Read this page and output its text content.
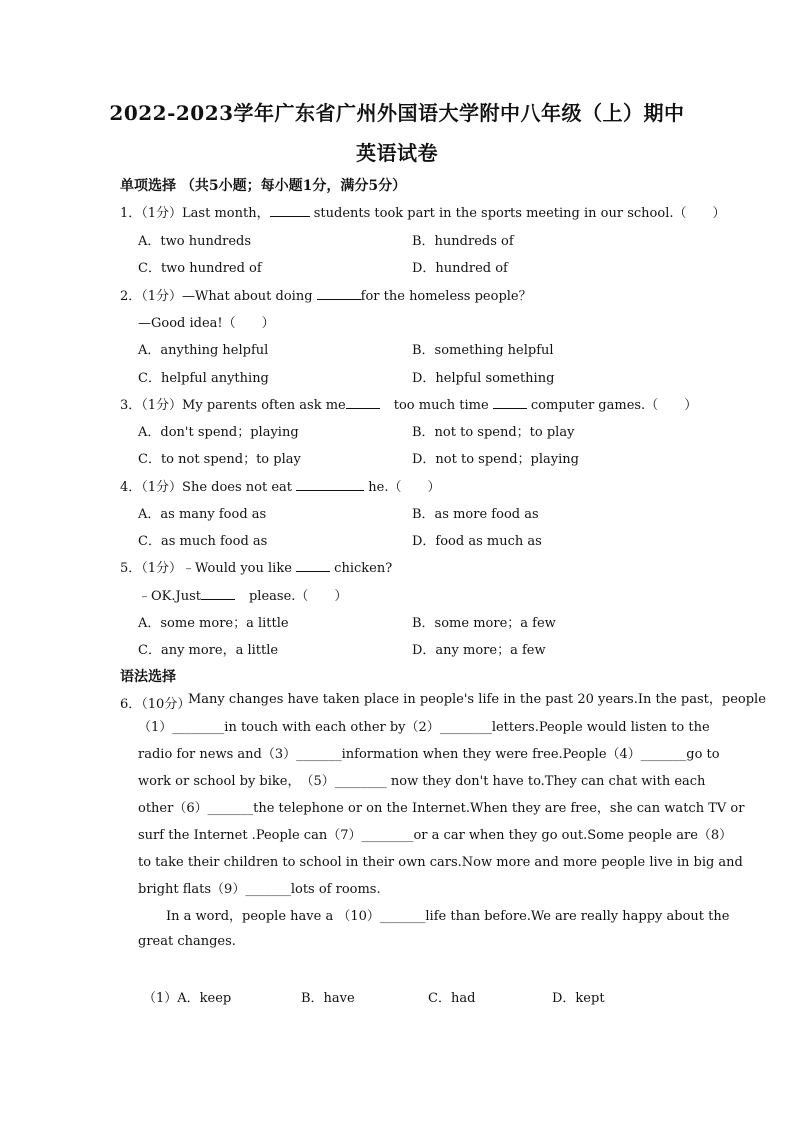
2022-2023学年广东省广州外国语大学附中八年级（上）期中
英语试卷
单项选择 （共5小题；每小题1分，满分5分）
1．（1分）Last month，	students took part in the sports meeting in our school.（　　）
A．two hundreds	B．hundreds of
C．two hundred of	D．hundred of
2．（1分）—What about doing	for the homeless people？
—Good idea!（　　）
A．anything helpful	B．something helpful
C．helpful anything	D．helpful something
3．（1分）My parents often ask me	too much time	computer games.（　　）
A．don't spend；playing	B．not to spend；to play
C．to not spend；to play	D．not to spend；playing
4．（1分）She does not eat	he.（　　）
A．as many food as	B．as more food as
C．as much food as	D．food as much as
5．（1分）﹣Would you like	chicken?
﹣OK.Just	please.（　　）
A．some more；a little	B．some more；a few
C．any more，a little	D．any more；a few
语法选择
6．（10分）
Many changes have taken place in people's life in the past 20 years.In the past，people
（1） ________in touch with each other by（2） ________letters.People would listen to the
radio for news and（3） _______information when they were free.People（4） _______go to
work or school by bike， （5）________ now they don't have to.They can chat with each
other（6）_______the telephone or on the Internet.When they are free，she can watch TV or
surf the Internet .People can（7）________or a car when they go out.Some people are（8）
to take their children to school in their own cars.Now more and more people live in big and
bright flats（9）_______lots of rooms.
In a word，people have a （10） _______life than before.We are really happy about the
great changes.
（1）A．keep	B．have	C．had	D．kept
